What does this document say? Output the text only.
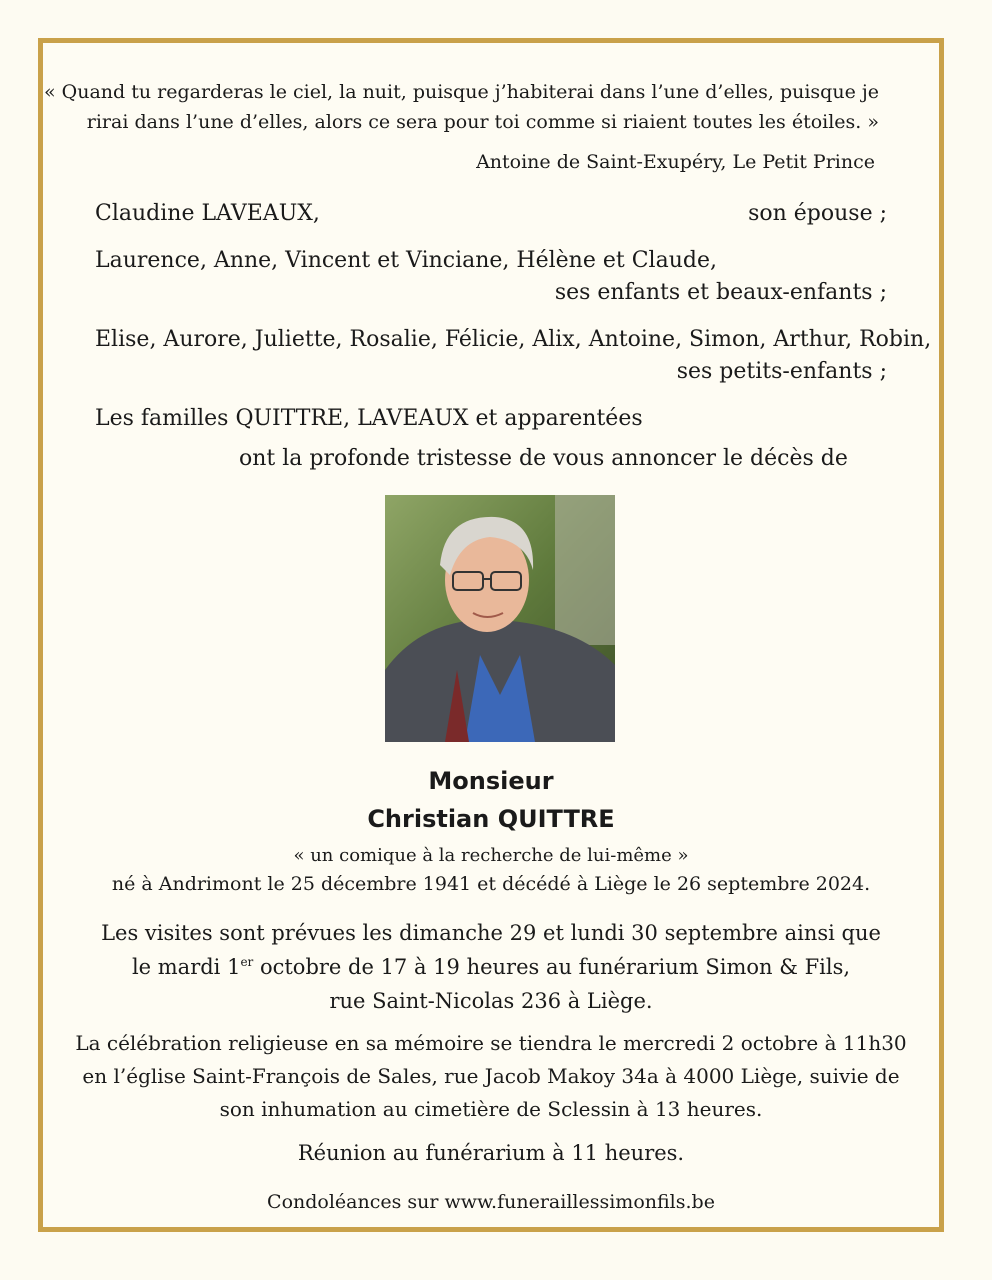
« Quand tu regarderas le ciel, la nuit, puisque j’habiterai dans l’une d’elles, puisque je
rirai dans l’une d’elles, alors ce sera pour toi comme si riaient toutes les étoiles. »
Antoine de Saint-Exupéry, Le Petit Prince
Claudine LAVEAUX,	son épouse ;
Laurence, Anne, Vincent et Vinciane, Hélène et Claude,
ses enfants et beaux-enfants ;
Elise, Aurore, Juliette, Rosalie, Félicie, Alix, Antoine, Simon, Arthur, Robin,
ses petits-enfants ;
Les familles QUITTRE, LAVEAUX et apparentées
ont la profonde tristesse de vous annoncer le décès de
Monsieur
Christian QUITTRE
« un comique à la recherche de lui-même »
né à Andrimont le 25 décembre 1941 et décédé à Liège le 26 septembre 2024.
Les visites sont prévues les dimanche 29 et lundi 30 septembre ainsi que
le mardi 1er octobre de 17 à 19 heures au funérarium Simon & Fils,
rue Saint-Nicolas 236 à Liège.
La célébration religieuse en sa mémoire se tiendra le mercredi 2 octobre à 11h30
en l’église Saint-François de Sales, rue Jacob Makoy 34a à 4000 Liège, suivie de
son inhumation au cimetière de Sclessin à 13 heures.
Réunion au funérarium à 11 heures.
Condoléances sur www.funeraillessimonfils.be
